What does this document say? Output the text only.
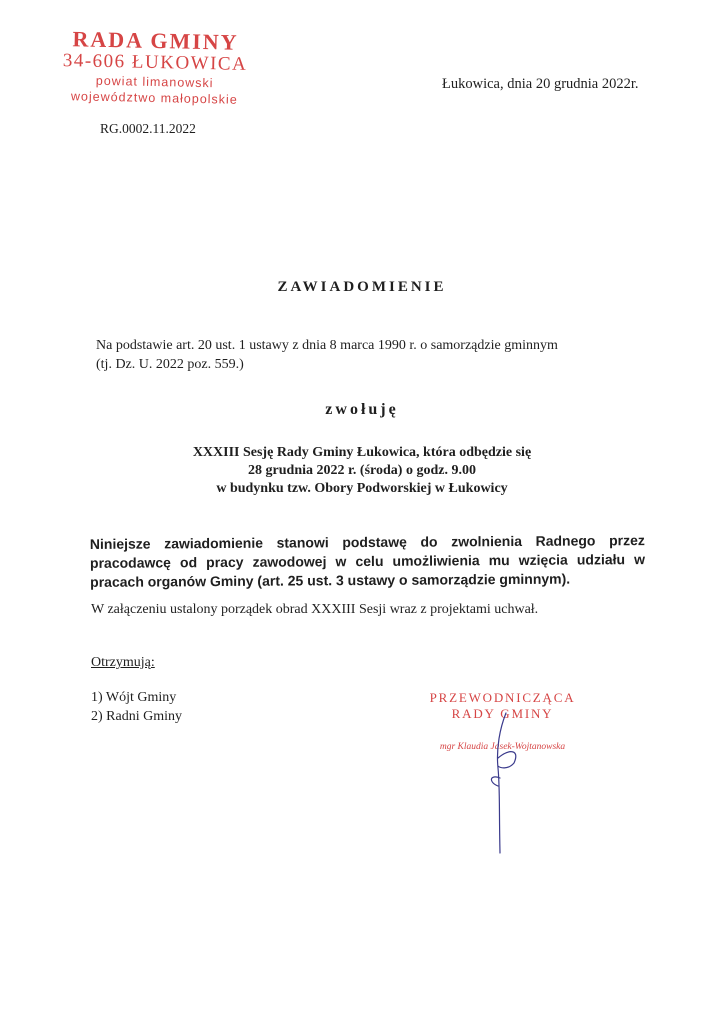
RADA GMINY
34-606 ŁUKOWICA
powiat limanowski
województwo małopolskie
Łukowica, dnia 20 grudnia 2022r.
RG.0002.11.2022
ZAWIADOMIENIE
Na podstawie art. 20 ust. 1 ustawy z dnia 8 marca 1990 r. o samorządzie gminnym
(tj. Dz. U. 2022 poz. 559.)
zwołuję
XXXIII Sesję Rady Gminy Łukowica, która odbędzie się
28 grudnia 2022 r. (środa) o godz. 9.00
w budynku tzw. Obory Podworskiej w Łukowicy
Niniejsze zawiadomienie stanowi podstawę do zwolnienia Radnego przez pracodawcę od pracy zawodowej w celu umożliwienia mu wzięcia udziału w pracach organów Gminy (art. 25 ust. 3 ustawy o samorządzie gminnym).
W załączeniu ustalony porządek obrad XXXIII Sesji wraz z projektami uchwał.
Otrzymują:
1) Wójt Gminy
2) Radni Gminy
PRZEWODNICZĄCA
RADY GMINY
mgr Klaudia Jasek-Wojtanowska
